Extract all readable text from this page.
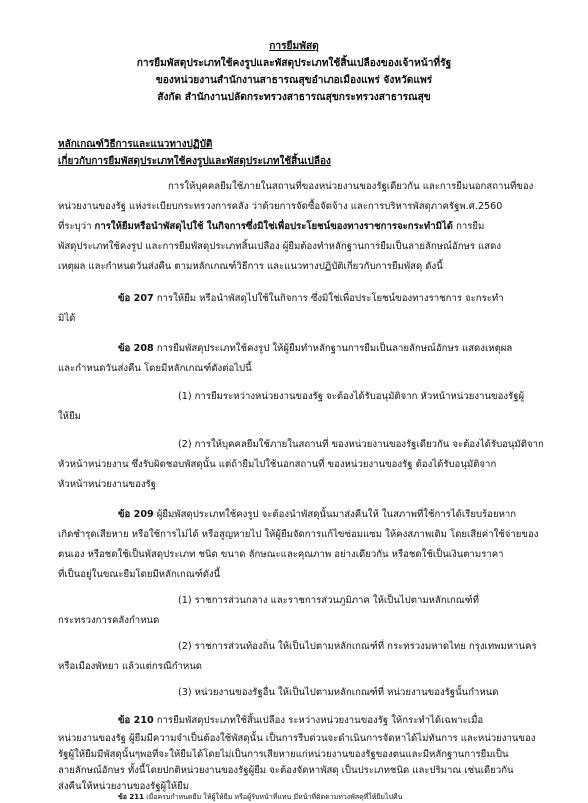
การยืมพัสดุ
การยืมพัสดุประเภทใช้คงรูปและพัสดุประเภทใช้สิ้นเปลืองของเจ้าหน้าที่รัฐ
ของหน่วยงานสำนักงานสาธารณสุขอำเภอเมืองแพร่ จังหวัดแพร่
สังกัด สำนักงานปลัดกระทรวงสาธารณสุขกระทรวงสาธารณสุข
หลักเกณฑ์วิธีการและแนวทางปฏิบัติ
เกี่ยวกับการยืมพัสดุประเภทใช้คงรูปและพัสดุประเภทใช้สิ้นเปลือง
การให้บุคคลยืมใช้ภายในสถานที่ของหน่วยงานของรัฐเดียวกัน และการยืมนอกสถานที่ของ
หน่วยงานของรัฐ แห่งระเบียบกระทรวงการคลัง ว่าด้วยการจัดซื้อจัดจ้าง และการบริหารพัสดุภาครัฐพ.ศ.2560
ที่ระบุว่า การให้ยืมหรือนำพัสดุไปใช้ ในกิจการซึ่งมิใช่เพื่อประโยชน์ของทางราชการจะกระทำมิได้ การยืม
พัสดุประเภทใช้คงรูป และการยืมพัสดุประเภทสิ้นเปลือง ผู้ยืมต้องทำหลักฐานการยืมเป็นลายลักษณ์อักษร แสดง
เหตุผล และกำหนดวันส่งคืน ตามหลักเกณฑ์วิธีการ และแนวทางปฏิบัติเกี่ยวกับการยืมพัสดุ ดังนี้
ข้อ 207 การให้ยืม หรือนำพัสดุไปใช้ในกิจการ ซึ่งมิใช่เพื่อประโยชน์ของทางราชการ จะกระทำ
มิได้
ข้อ 208 การยืมพัสดุประเภทใช้คงรูป ให้ผู้ยืมทำหลักฐานการยืมเป็นลายลักษณ์อักษร แสดงเหตุผล
และกำหนดวันส่งคืน โดยมีหลักเกณฑ์ดังต่อไปนี้
(1) การยืมระหว่างหน่วยงานของรัฐ จะต้องได้รับอนุมัติจาก หัวหน้าหน่วยงานของรัฐผู้
ให้ยืม
(2) การให้บุคคลยืมใช้ภายในสถานที่ ของหน่วยงานของรัฐเดียวกัน จะต้องได้รับอนุมัติจาก
หัวหน้าหน่วยงาน ซึ่งรับผิดชอบพัสดุนั้น แต่ถ้ายืมไปใช้นอกสถานที่ ของหน่วยงานของรัฐ ต้องได้รับอนุมัติจาก
หัวหน้าหน่วยงานของรัฐ
ข้อ 209 ผู้ยืมพัสดุประเภทใช้คงรูป จะต้องนำพัสดุนั้นมาส่งคืนให้ ในสภาพที่ใช้การได้เรียบร้อยหาก
เกิดชำรุดเสียหาย หรือใช้การไม่ได้ หรือสูญหายไป ให้ผู้ยืมจัดการแก้ไขซ่อมแซม ให้คงสภาพเดิม โดยเสียค่าใช้จ่ายของ
ตนเอง หรือชดใช้เป็นพัสดุประเภท ชนิด ขนาด ลักษณะและคุณภาพ อย่างเดียวกัน หรือชดใช้เป็นเงินตามราคา
ที่เป็นอยู่ในขณะยืมโดยมีหลักเกณฑ์ดังนี้
(1) ราชการส่วนกลาง และราชการส่วนภูมิภาค ให้เป็นไปตามหลักเกณฑ์ที่
กระทรวงการคลังกำหนด
(2) ราชการส่วนท้องถิ่น ให้เป็นไปตามหลักเกณฑ์ที่ กระทรวงมหาดไทย กรุงเทพมหานคร
หรือเมืองพัทยา แล้วแต่กรณีกำหนด
(3) หน่วยงานของรัฐอื่น ให้เป็นไปตามหลักเกณฑ์ที่ หน่วยงานของรัฐนั้นกำหนด
ข้อ 210 การยืมพัสดุประเภทใช้สิ้นเปลือง ระหว่างหน่วยงานของรัฐ ให้กระทำได้เฉพาะเมื่อ
หน่วยงานของรัฐ ผู้ยืมมีความจำเป็นต้องใช้พัสดุนั้น เป็นการรีบด่วนจะดำเนินการจัดหาได้ไม่ทันการ และหน่วยงานของ
รัฐผู้ให้ยืมมีพัสดุนั้นๆพอที่จะให้ยืมได้โดยไม่เป็นการเสียหายแก่หน่วยงานของรัฐของตนและมีหลักฐานการยืมเป็น
ลายลักษณ์อักษร ทั้งนี้โดยปกติหน่วยงานของรัฐผู้ยืม จะต้องจัดหาพัสดุ เป็นประเภทชนิด และปริมาณ เช่นเดียวกัน
ส่งคืนให้หน่วยงานของรัฐผู้ให้ยืม
ข้อ 211 เมื่อครบกำหนดยืม ให้ผู้ให้ยืม หรือผู้รับหน้าที่แทน มีหน้าที่ติดตามทวงพัสดุที่ให้ยืมไปคืน
ภายใน 7 วันนับแต่วันครบกำหนด
